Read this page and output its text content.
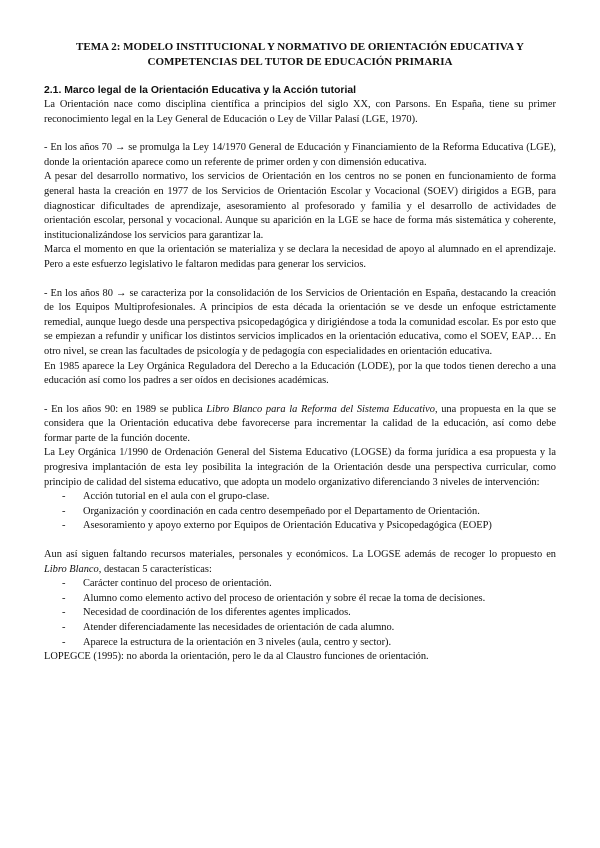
TEMA 2: MODELO INSTITUCIONAL Y NORMATIVO DE ORIENTACIÓN EDUCATIVA Y COMPETENCIAS DEL TUTOR DE EDUCACIÓN PRIMARIA

2.1. Marco legal de la Orientación Educativa y la Acción tutorial

La Orientación nace como disciplina científica a principios del siglo XX, con Parsons. En España, tiene su primer reconocimiento legal en la Ley General de Educación o Ley de Villar Palasí (LGE, 1970).

- En los años 70 → se promulga la Ley 14/1970 General de Educación y Financiamiento de la Reforma Educativa (LGE), donde la orientación aparece como un referente de primer orden y con dimensión educativa.

A pesar del desarrollo normativo, los servicios de Orientación en los centros no se ponen en funcionamiento de forma general hasta la creación en 1977 de los Servicios de Orientación Escolar y Vocacional (SOEV) dirigidos a EGB, para diagnosticar dificultades de aprendizaje, asesoramiento al profesorado y familia y el desarrollo de actividades de orientación escolar, personal y vocacional. Aunque su aparición en la LGE se hace de forma más sistemática y coherente, institucionalizándose los servicios para garantizar la.

Marca el momento en que la orientación se materializa y se declara la necesidad de apoyo al alumnado en el aprendizaje. Pero a este esfuerzo legislativo le faltaron medidas para generar los servicios.

- En los años 80 → se caracteriza por la consolidación de los Servicios de Orientación en España, destacando la creación de los Equipos Multiprofesionales. A principios de esta década la orientación se ve desde un enfoque estrictamente remedial, aunque luego desde una perspectiva psicopedagógica y dirigiéndose a toda la comunidad escolar. Es por esto que se empiezan a refundir y unificar los distintos servicios implicados en la orientación educativa, como el SOEV, EAP… En otro nivel, se crean las facultades de psicología y de pedagogía con especialidades en orientación educativa.

En 1985 aparece la Ley Orgánica Reguladora del Derecho a la Educación (LODE), por la que todos tienen derecho a una educación así como los padres a ser oídos en decisiones académicas.

- En los años 90: en 1989 se publica Libro Blanco para la Reforma del Sistema Educativo, una propuesta en la que se considera que la Orientación educativa debe favorecerse para incrementar la calidad de la educación, así como debe formar parte de la función docente.

La Ley Orgánica 1/1990 de Ordenación General del Sistema Educativo (LOGSE) da forma jurídica a esa propuesta y la progresiva implantación de esta ley posibilita la integración de la Orientación desde una perspectiva curricular, como principio de calidad del sistema educativo, que adopta un modelo organizativo diferenciando 3 niveles de intervención:

- Acción tutorial en el aula con el grupo-clase.
- Organización y coordinación en cada centro desempeñado por el Departamento de Orientación.
- Asesoramiento y apoyo externo por Equipos de Orientación Educativa y Psicopedagógica (EOEP)

Aun así siguen faltando recursos materiales, personales y económicos. La LOGSE además de recoger lo propuesto en Libro Blanco, destacan 5 características:

- Carácter continuo del proceso de orientación.
- Alumno como elemento activo del proceso de orientación y sobre él recae la toma de decisiones.
- Necesidad de coordinación de los diferentes agentes implicados.
- Atender diferenciadamente las necesidades de orientación de cada alumno.
- Aparece la estructura de la orientación en 3 niveles (aula, centro y sector).

LOPEGCE (1995): no aborda la orientación, pero le da al Claustro funciones de orientación.
